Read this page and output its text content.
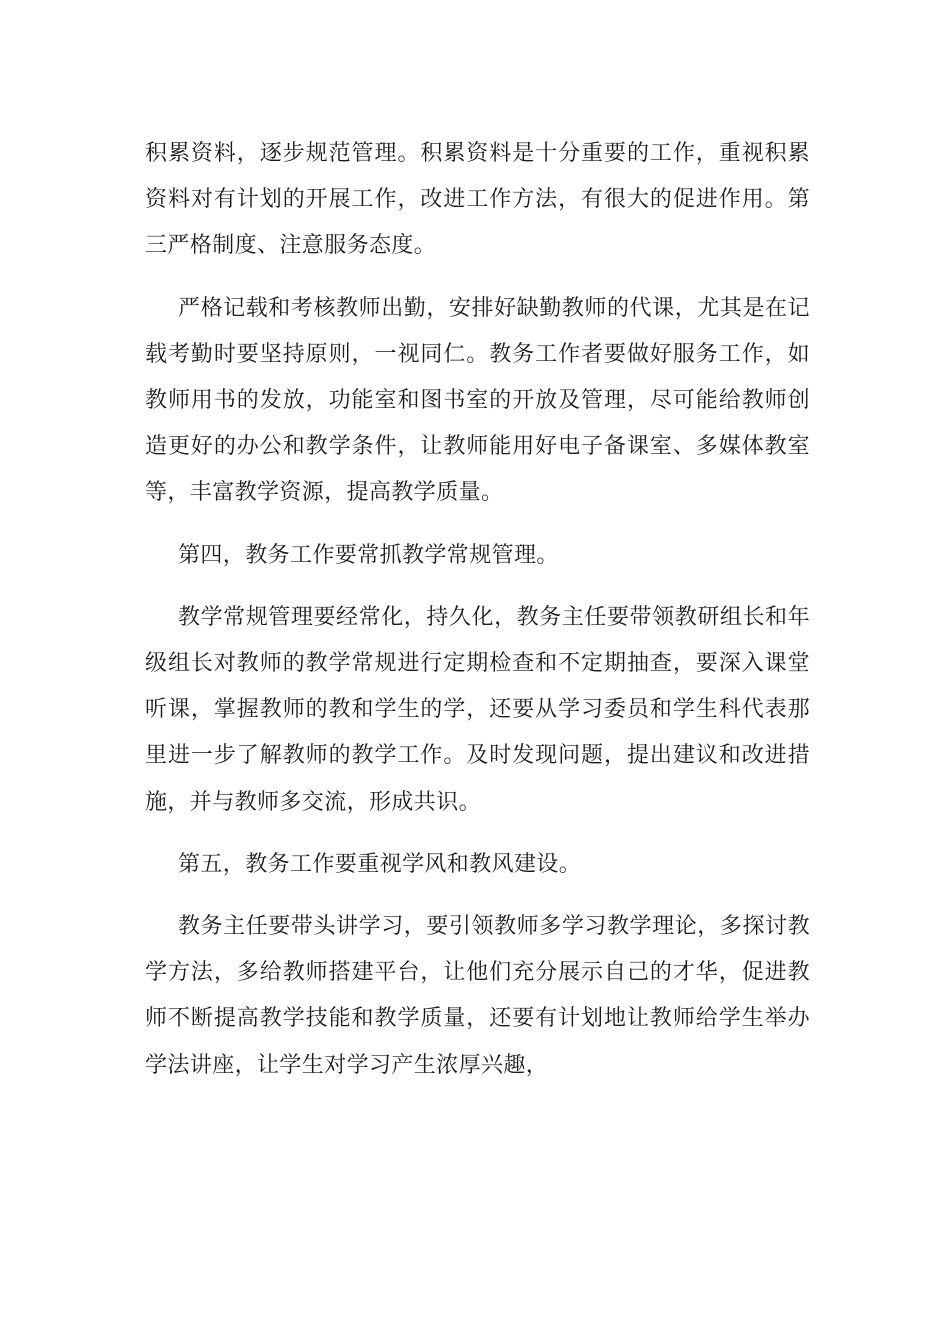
积累资料，逐步规范管理。积累资料是十分重要的工作，重视积累资料对有计划的开展工作，改进工作方法，有很大的促进作用。第三严格制度、注意服务态度。

严格记载和考核教师出勤，安排好缺勤教师的代课，尤其是在记载考勤时要坚持原则，一视同仁。教务工作者要做好服务工作，如教师用书的发放，功能室和图书室的开放及管理，尽可能给教师创造更好的办公和教学条件，让教师能用好电子备课室、多媒体教室等，丰富教学资源，提高教学质量。

第四，教务工作要常抓教学常规管理。

教学常规管理要经常化，持久化，教务主任要带领教研组长和年级组长对教师的教学常规进行定期检查和不定期抽查，要深入课堂听课，掌握教师的教和学生的学，还要从学习委员和学生科代表那里进一步了解教师的教学工作。及时发现问题，提出建议和改进措施，并与教师多交流，形成共识。

第五，教务工作要重视学风和教风建设。

教务主任要带头讲学习，要引领教师多学习教学理论，多探讨教学方法，多给教师搭建平台，让他们充分展示自己的才华，促进教师不断提高教学技能和教学质量，还要有计划地让教师给学生举办学法讲座，让学生对学习产生浓厚兴趣，
